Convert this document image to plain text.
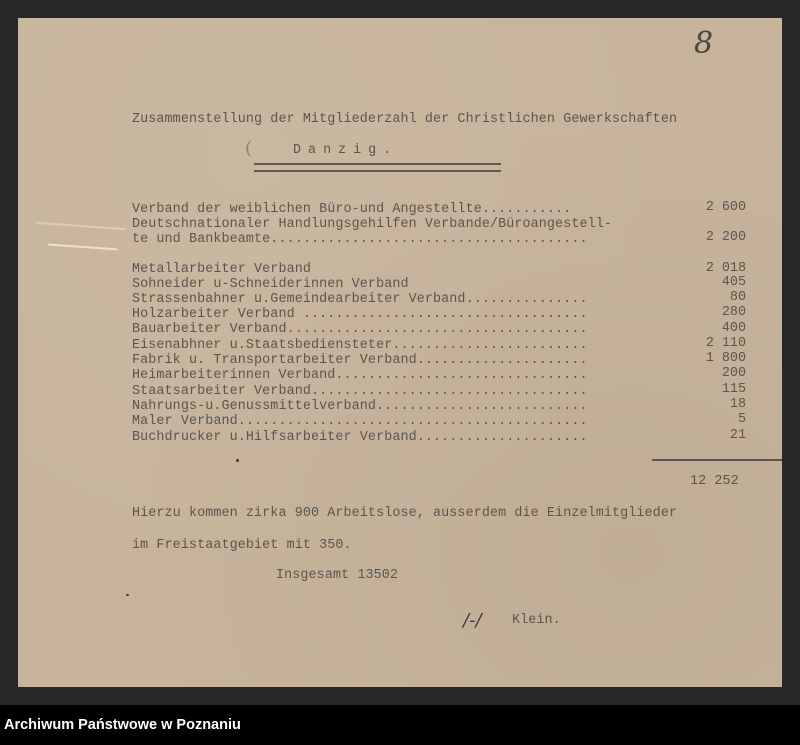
8
Zusammenstellung der Mitgliederzahl der Christlichen Gewerkschaften
(	Danzig.
Verband der weiblichen Büro-und Angestellte...........	2 600
Deutschnationaler Handlungsgehilfen Verbande/Büroangestell-
te und Bankbeamte.......................................	2 200
Metallarbeiter Verband	2 018
Sohneider u-Schneiderinnen Verband	405
Strassenbahner u.Gemeindearbeiter Verband...............	80
Holzarbeiter Verband ...................................	280
Bauarbeiter Verband.....................................	400
Eisenabhner u.Staatsbediensteter........................	2 110
Fabrik u. Transportarbeiter Verband.....................	1 800
Heimarbeiterinnen Verband...............................	200
Staatsarbeiter Verband..................................	115
Nahrungs-u.Genussmittelverband..........................	18
Maler Verband...........................................	5
Buchdrucker u.Hilfsarbeiter Verband.....................	21
12 252
Hierzu kommen zirka 900 Arbeitslose, ausserdem die Einzelmitglieder
im Freistaatgebiet mit 350.
Insgesamt 13502
/-/ Klein.
Archiwum Państwowe w Poznaniu
